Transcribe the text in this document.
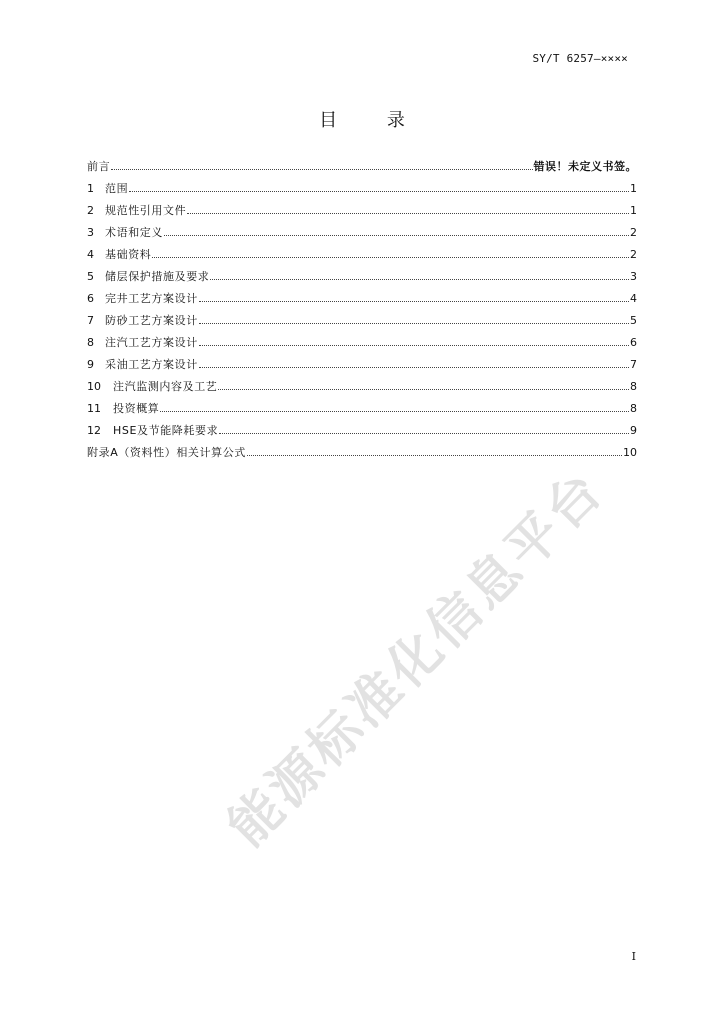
SY/T 6257—××××
目 录
前言	错误！未定义书签。
1	范围	1
2	规范性引用文件	1
3	术语和定义	2
4	基础资料	2
5	储层保护措施及要求	3
6	完井工艺方案设计	4
7	防砂工艺方案设计	5
8	注汽工艺方案设计	6
9	采油工艺方案设计	7
10	注汽监测内容及工艺	8
11	投资概算	8
12	HSE及节能降耗要求	9
附录A（资料性）相关计算公式	10
能源标准化信息平台
I
